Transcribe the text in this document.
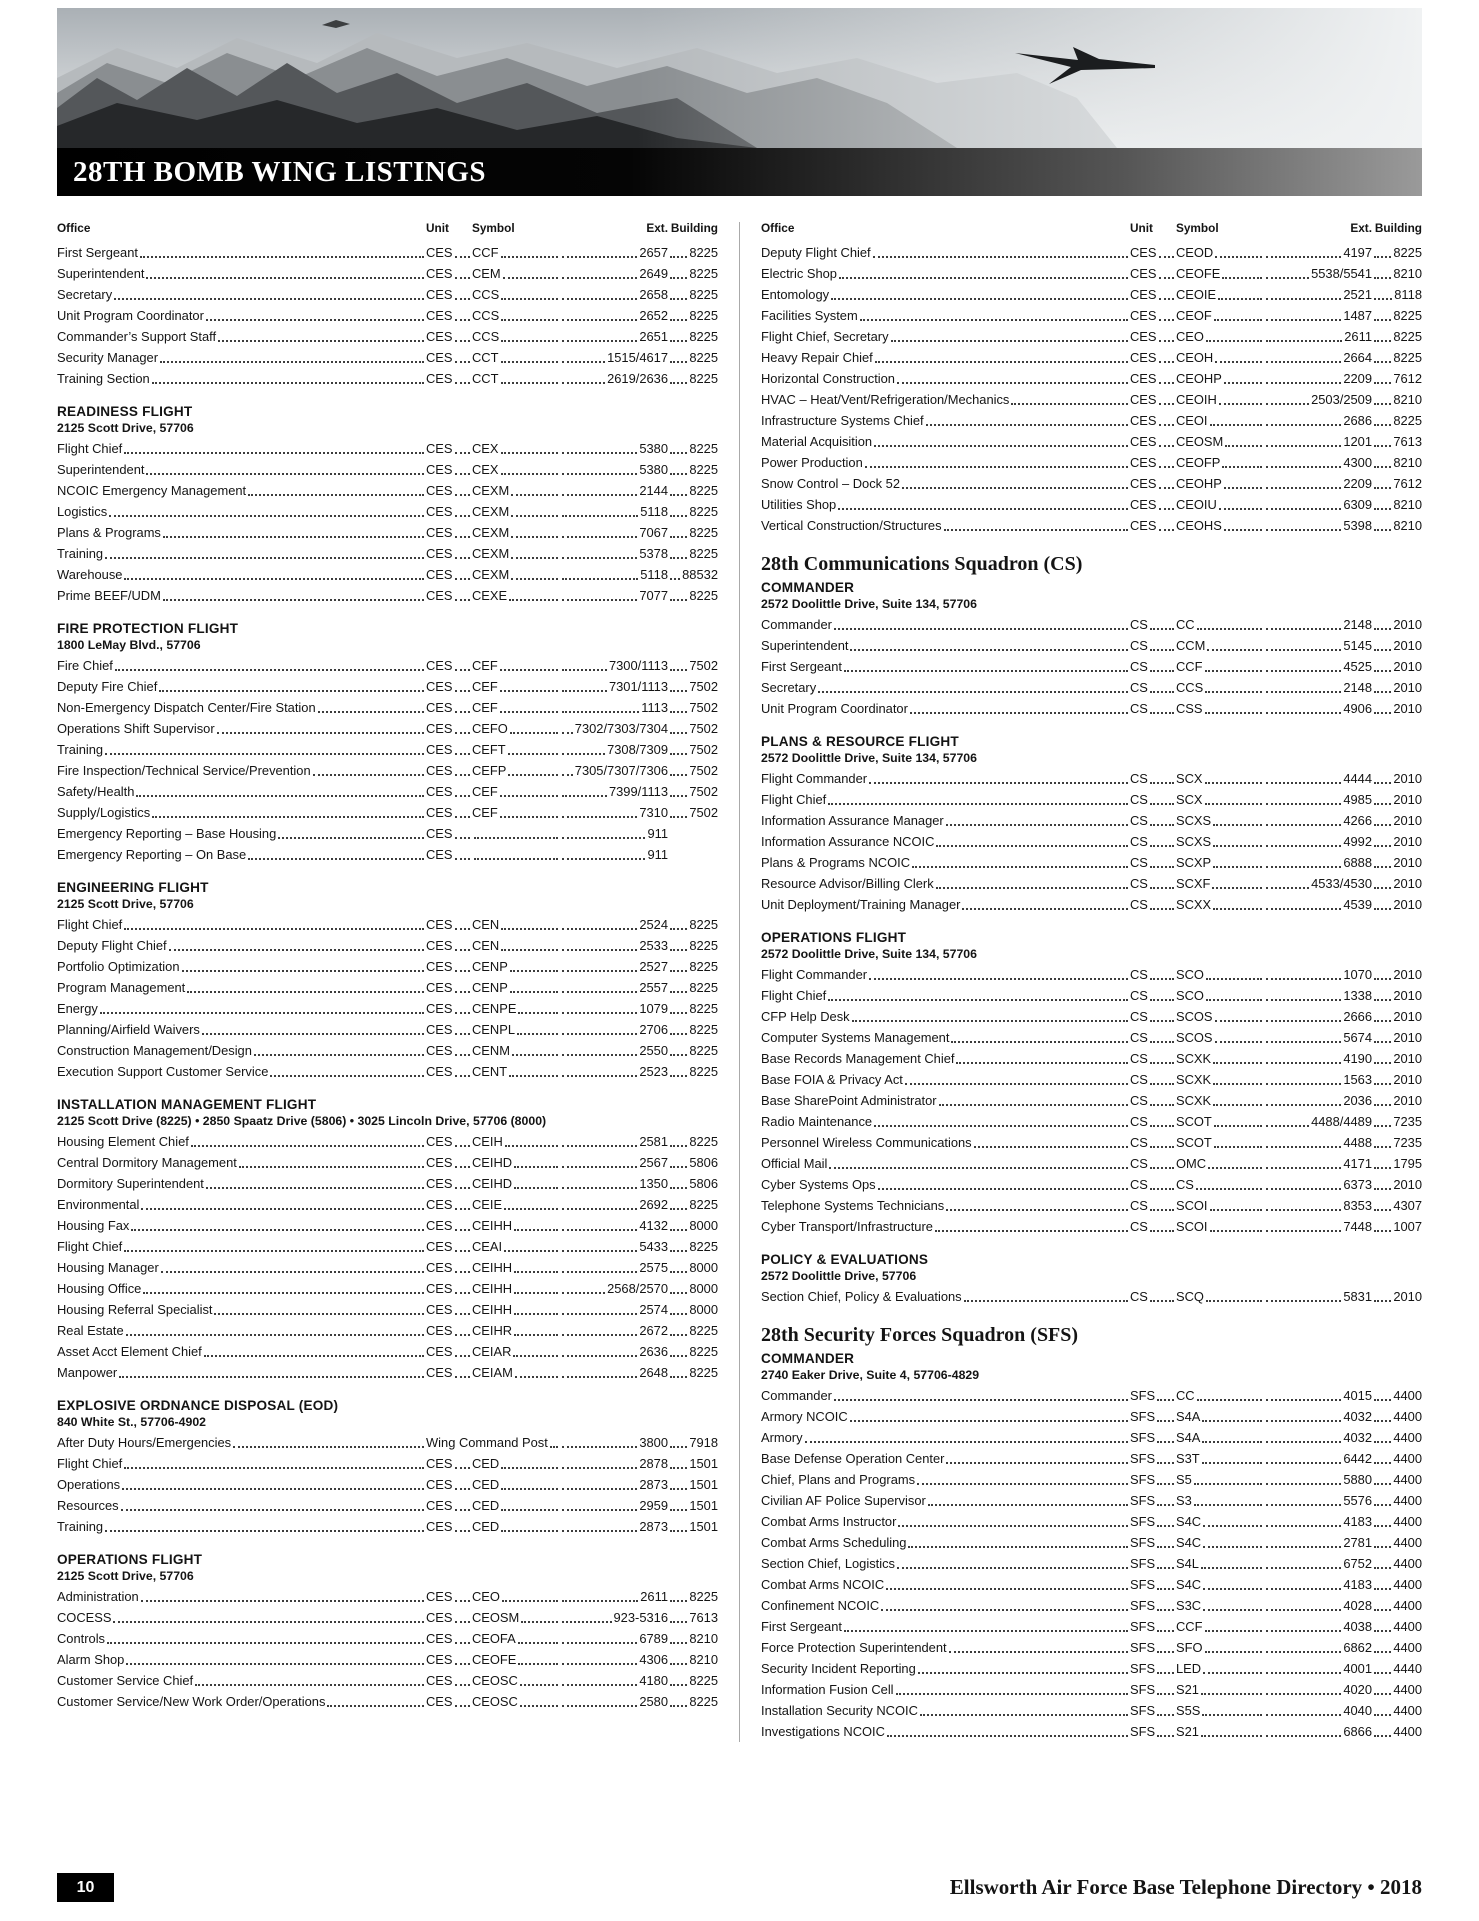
28TH BOMB WING LISTINGS
Office	Unit Symbol	Ext. Building
First Sergeant	CES CCF	2657 8225
Superintendent	CES CEM	2649 8225
Secretary	CES CCS	2658 8225
Unit Program Coordinator	CES CCS	2652 8225
Commander’s Support Staff	CES CCS	2651 8225
Security Manager	CES CCT	1515/4617 8225
Training Section	CES CCT	2619/2636 8225
READINESS FLIGHT
2125 Scott Drive, 57706
Flight Chief	CES CEX	5380 8225
Superintendent	CES CEX	5380 8225
NCOIC Emergency Management	CES CEXM	2144 8225
Logistics	CES CEXM	5118 8225
Plans & Programs	CES CEXM	7067 8225
Training	CES CEXM	5378 8225
Warehouse	CES CEXM	5118 88532
Prime BEEF/UDM	CES CEXE	7077 8225
FIRE PROTECTION FLIGHT
1800 LeMay Blvd., 57706
Fire Chief	CES CEF	7300/1113 7502
Deputy Fire Chief	CES CEF	7301/1113 7502
Non-Emergency Dispatch Center/Fire Station	CES CEF	1113 7502
Operations Shift Supervisor	CES CEFO	7302/7303/7304 7502
Training	CES CEFT	7308/7309 7502
Fire Inspection/Technical Service/Prevention	CES CEFP	7305/7307/7306 7502
Safety/Health	CES CEF	7399/1113 7502
Supply/Logistics	CES CEF	7310 7502
Emergency Reporting – Base Housing	CES	911
Emergency Reporting – On Base	CES	911
ENGINEERING FLIGHT
2125 Scott Drive, 57706
Flight Chief	CES CEN	2524 8225
Deputy Flight Chief	CES CEN	2533 8225
Portfolio Optimization	CES CENP	2527 8225
Program Management	CES CENP	2557 8225
Energy	CES CENPE	1079 8225
Planning/Airfield Waivers	CES CENPL	2706 8225
Construction Management/Design	CES CENM	2550 8225
Execution Support Customer Service	CES CENT	2523 8225
INSTALLATION MANAGEMENT FLIGHT
2125 Scott Drive (8225) • 2850 Spaatz Drive (5806) • 3025 Lincoln Drive, 57706 (8000)
Housing Element Chief	CES CEIH	2581 8225
Central Dormitory Management	CES CEIHD	2567 5806
Dormitory Superintendent	CES CEIHD	1350 5806
Environmental	CES CEIE	2692 8225
Housing Fax	CES CEIHH	4132 8000
Flight Chief	CES CEAI	5433 8225
Housing Manager	CES CEIHH	2575 8000
Housing Office	CES CEIHH	2568/2570 8000
Housing Referral Specialist	CES CEIHH	2574 8000
Real Estate	CES CEIHR	2672 8225
Asset Acct Element Chief	CES CEIAR	2636 8225
Manpower	CES CEIAM	2648 8225
EXPLOSIVE ORDNANCE DISPOSAL (EOD)
840 White St., 57706-4902
After Duty Hours/Emergencies	Wing Command Post	3800 7918
Flight Chief	CES CED	2878 1501
Operations	CES CED	2873 1501
Resources	CES CED	2959 1501
Training	CES CED	2873 1501
OPERATIONS FLIGHT
2125 Scott Drive, 57706
Administration	CES CEO	2611 8225
COCESS	CES CEOSM	923-5316 7613
Controls	CES CEOFA	6789 8210
Alarm Shop	CES CEOFE	4306 8210
Customer Service Chief	CES CEOSC	4180 8225
Customer Service/New Work Order/Operations	CES CEOSC	2580 8225
Office	Unit Symbol	Ext. Building
Deputy Flight Chief	CES CEOD	4197 8225
Electric Shop	CES CEOFE	5538/5541 8210
Entomology	CES CEOIE	2521 8118
Facilities System	CES CEOF	1487 8225
Flight Chief, Secretary	CES CEO	2611 8225
Heavy Repair Chief	CES CEOH	2664 8225
Horizontal Construction	CES CEOHP	2209 7612
HVAC – Heat/Vent/Refrigeration/Mechanics	CES CEOIH	2503/2509 8210
Infrastructure Systems Chief	CES CEOI	2686 8225
Material Acquisition	CES CEOSM	1201 7613
Power Production	CES CEOFP	4300 8210
Snow Control – Dock 52	CES CEOHP	2209 7612
Utilities Shop	CES CEOIU	6309 8210
Vertical Construction/Structures	CES CEOHS	5398 8210
28th Communications Squadron (CS)
COMMANDER
2572 Doolittle Drive, Suite 134, 57706
Commander	CS CC	2148 2010
Superintendent	CS CCM	5145 2010
First Sergeant	CS CCF	4525 2010
Secretary	CS CCS	2148 2010
Unit Program Coordinator	CS CSS	4906 2010
PLANS & RESOURCE FLIGHT
2572 Doolittle Drive, Suite 134, 57706
Flight Commander	CS SCX	4444 2010
Flight Chief	CS SCX	4985 2010
Information Assurance Manager	CS SCXS	4266 2010
Information Assurance NCOIC	CS SCXS	4992 2010
Plans & Programs NCOIC	CS SCXP	6888 2010
Resource Advisor/Billing Clerk	CS SCXF	4533/4530 2010
Unit Deployment/Training Manager	CS SCXX	4539 2010
OPERATIONS FLIGHT
2572 Doolittle Drive, Suite 134, 57706
Flight Commander	CS SCO	1070 2010
Flight Chief	CS SCO	1338 2010
CFP Help Desk	CS SCOS	2666 2010
Computer Systems Management	CS SCOS	5674 2010
Base Records Management Chief	CS SCXK	4190 2010
Base FOIA & Privacy Act	CS SCXK	1563 2010
Base SharePoint Administrator	CS SCXK	2036 2010
Radio Maintenance	CS SCOT	4488/4489 7235
Personnel Wireless Communications	CS SCOT	4488 7235
Official Mail	CS OMC	4171 1795
Cyber Systems Ops	CS CS	6373 2010
Telephone Systems Technicians	CS SCOI	8353 4307
Cyber Transport/Infrastructure	CS SCOI	7448 1007
POLICY & EVALUATIONS
2572 Doolittle Drive, 57706
Section Chief, Policy & Evaluations	CS SCQ	5831 2010
28th Security Forces Squadron (SFS)
COMMANDER
2740 Eaker Drive, Suite 4, 57706-4829
Commander	SFS CC	4015 4400
Armory NCOIC	SFS S4A	4032 4400
Armory	SFS S4A	4032 4400
Base Defense Operation Center	SFS S3T	6442 4400
Chief, Plans and Programs	SFS S5	5880 4400
Civilian AF Police Supervisor	SFS S3	5576 4400
Combat Arms Instructor	SFS S4C	4183 4400
Combat Arms Scheduling	SFS S4C	2781 4400
Section Chief, Logistics	SFS S4L	6752 4400
Combat Arms NCOIC	SFS S4C	4183 4400
Confinement NCOIC	SFS S3C	4028 4400
First Sergeant	SFS CCF	4038 4400
Force Protection Superintendent	SFS SFO	6862 4400
Security Incident Reporting	SFS LED	4001 4440
Information Fusion Cell	SFS S21	4020 4400
Installation Security NCOIC	SFS S5S	4040 4400
Investigations NCOIC	SFS S21	6866 4400
10	Ellsworth Air Force Base Telephone Directory • 2018
